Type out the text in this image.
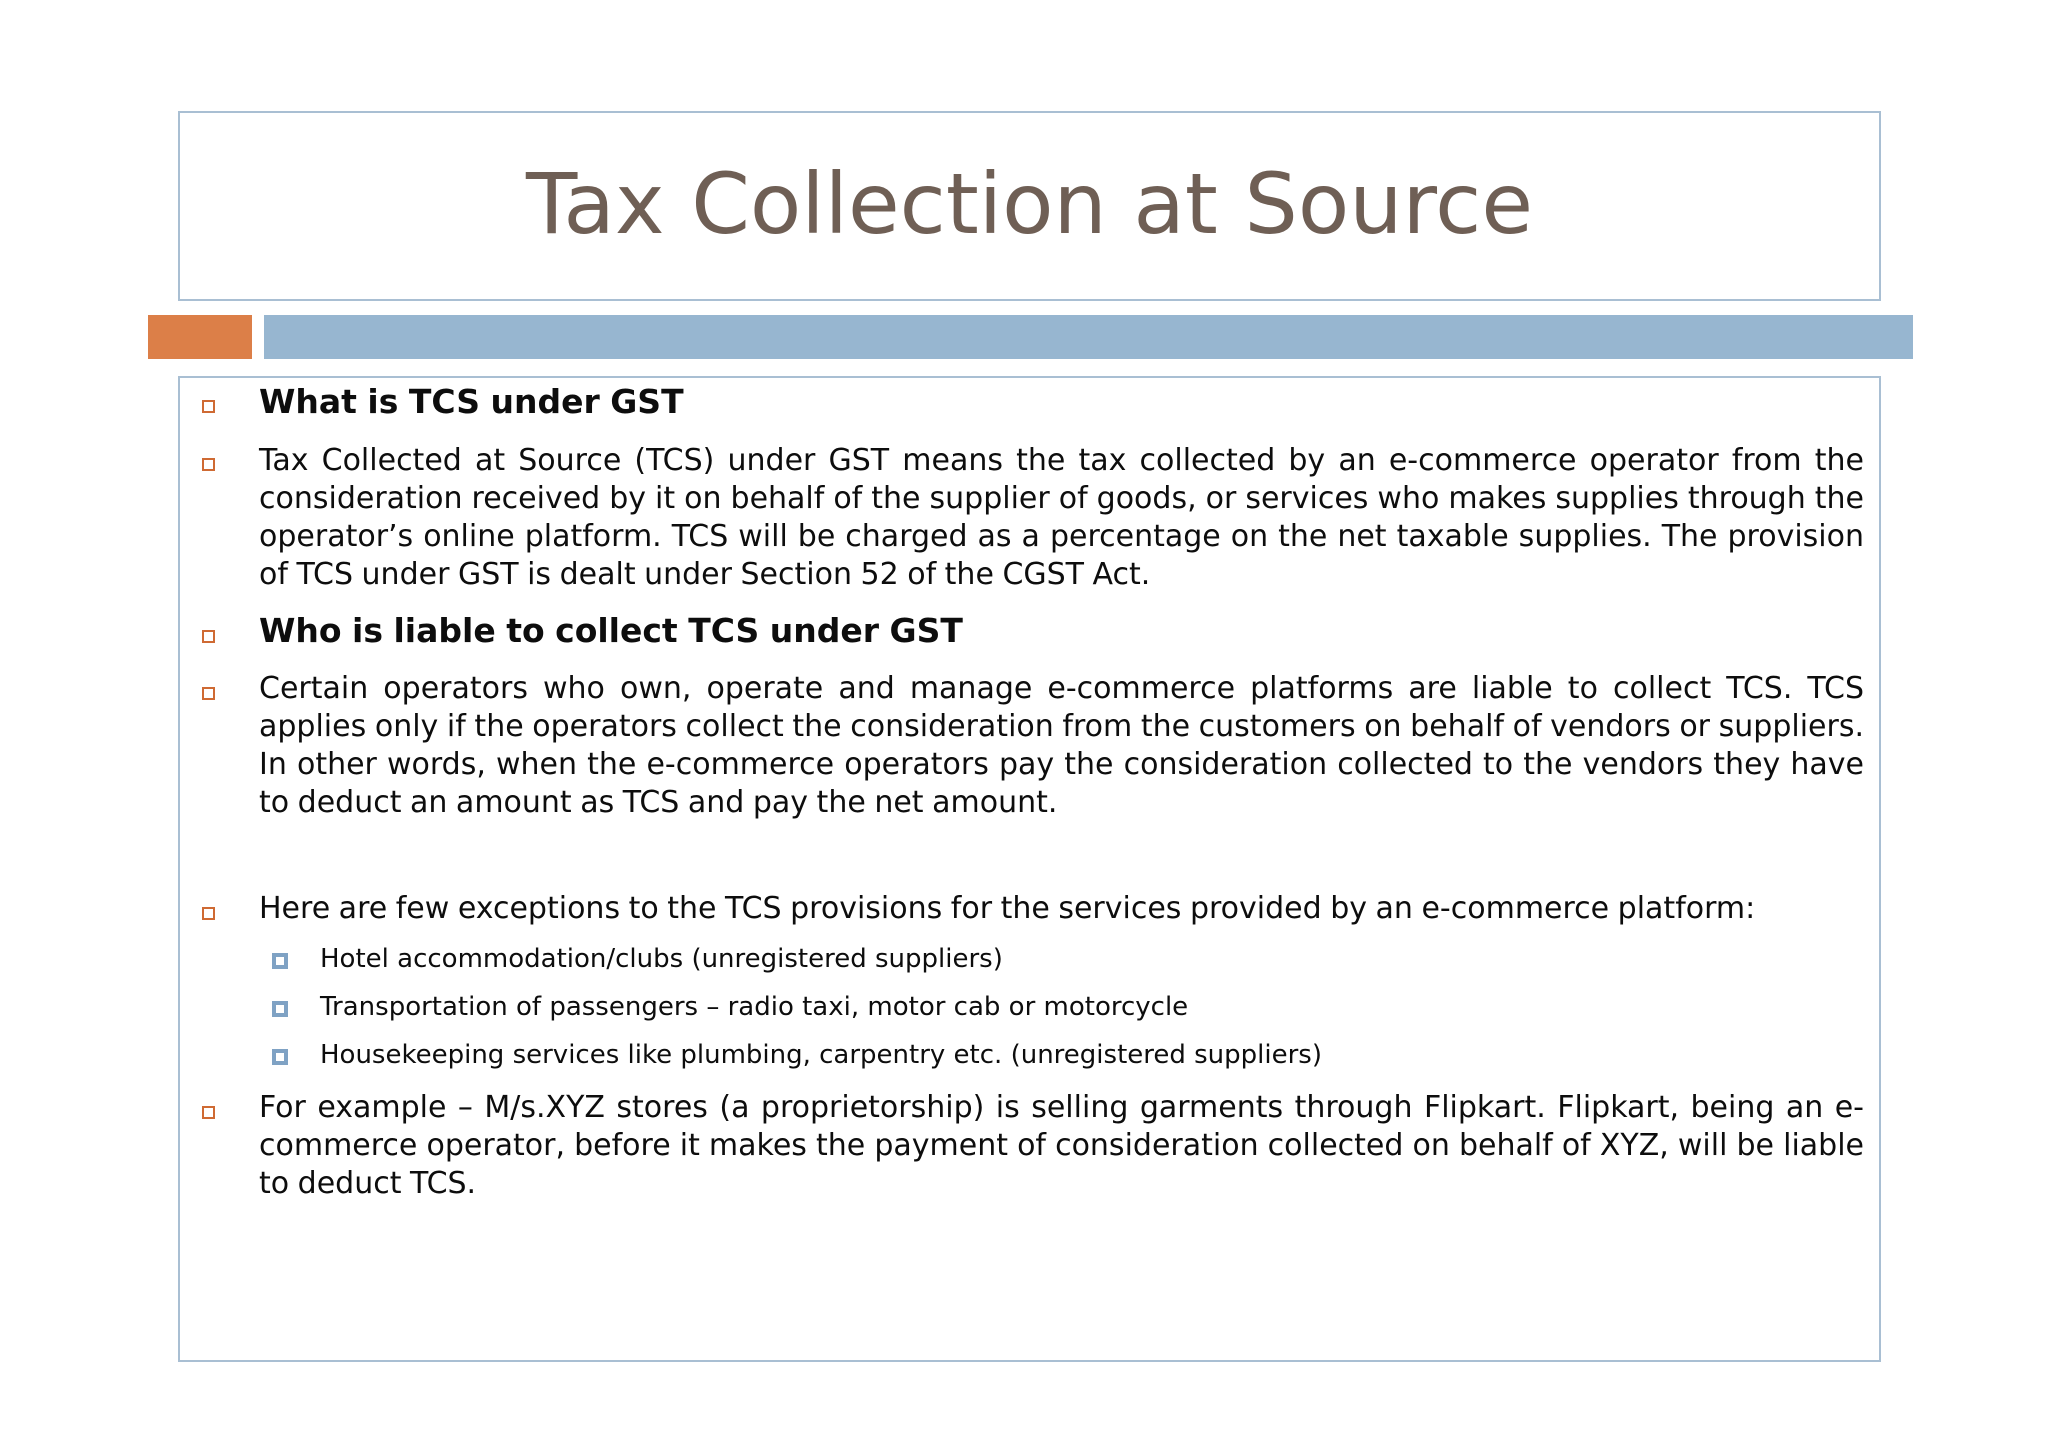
Tax Collection at Source
What is TCS under GST
Tax Collected at Source (TCS) under GST means the tax collected by an e-commerce operator from the consideration received by it on behalf of the supplier of goods, or services who makes supplies through the operator’s online platform. TCS will be charged as a percentage on the net taxable supplies. The provision of TCS under GST is dealt under Section 52 of the CGST Act.
Who is liable to collect TCS under GST
Certain operators who own, operate and manage e-commerce platforms are liable to collect TCS. TCS applies only if the operators collect the consideration from the customers on behalf of vendors or suppliers. In other words, when the e-commerce operators pay the consideration collected to the vendors they have to deduct an amount as TCS and pay the net amount.
Here are few exceptions to the TCS provisions for the services provided by an e-commerce platform:
Hotel accommodation/clubs (unregistered suppliers)
Transportation of passengers – radio taxi, motor cab or motorcycle
Housekeeping services like plumbing, carpentry etc. (unregistered suppliers)
For example – M/s.XYZ stores (a proprietorship) is selling garments through Flipkart. Flipkart, being an e-commerce operator, before it makes the payment of consideration collected on behalf of XYZ, will be liable to deduct TCS.
